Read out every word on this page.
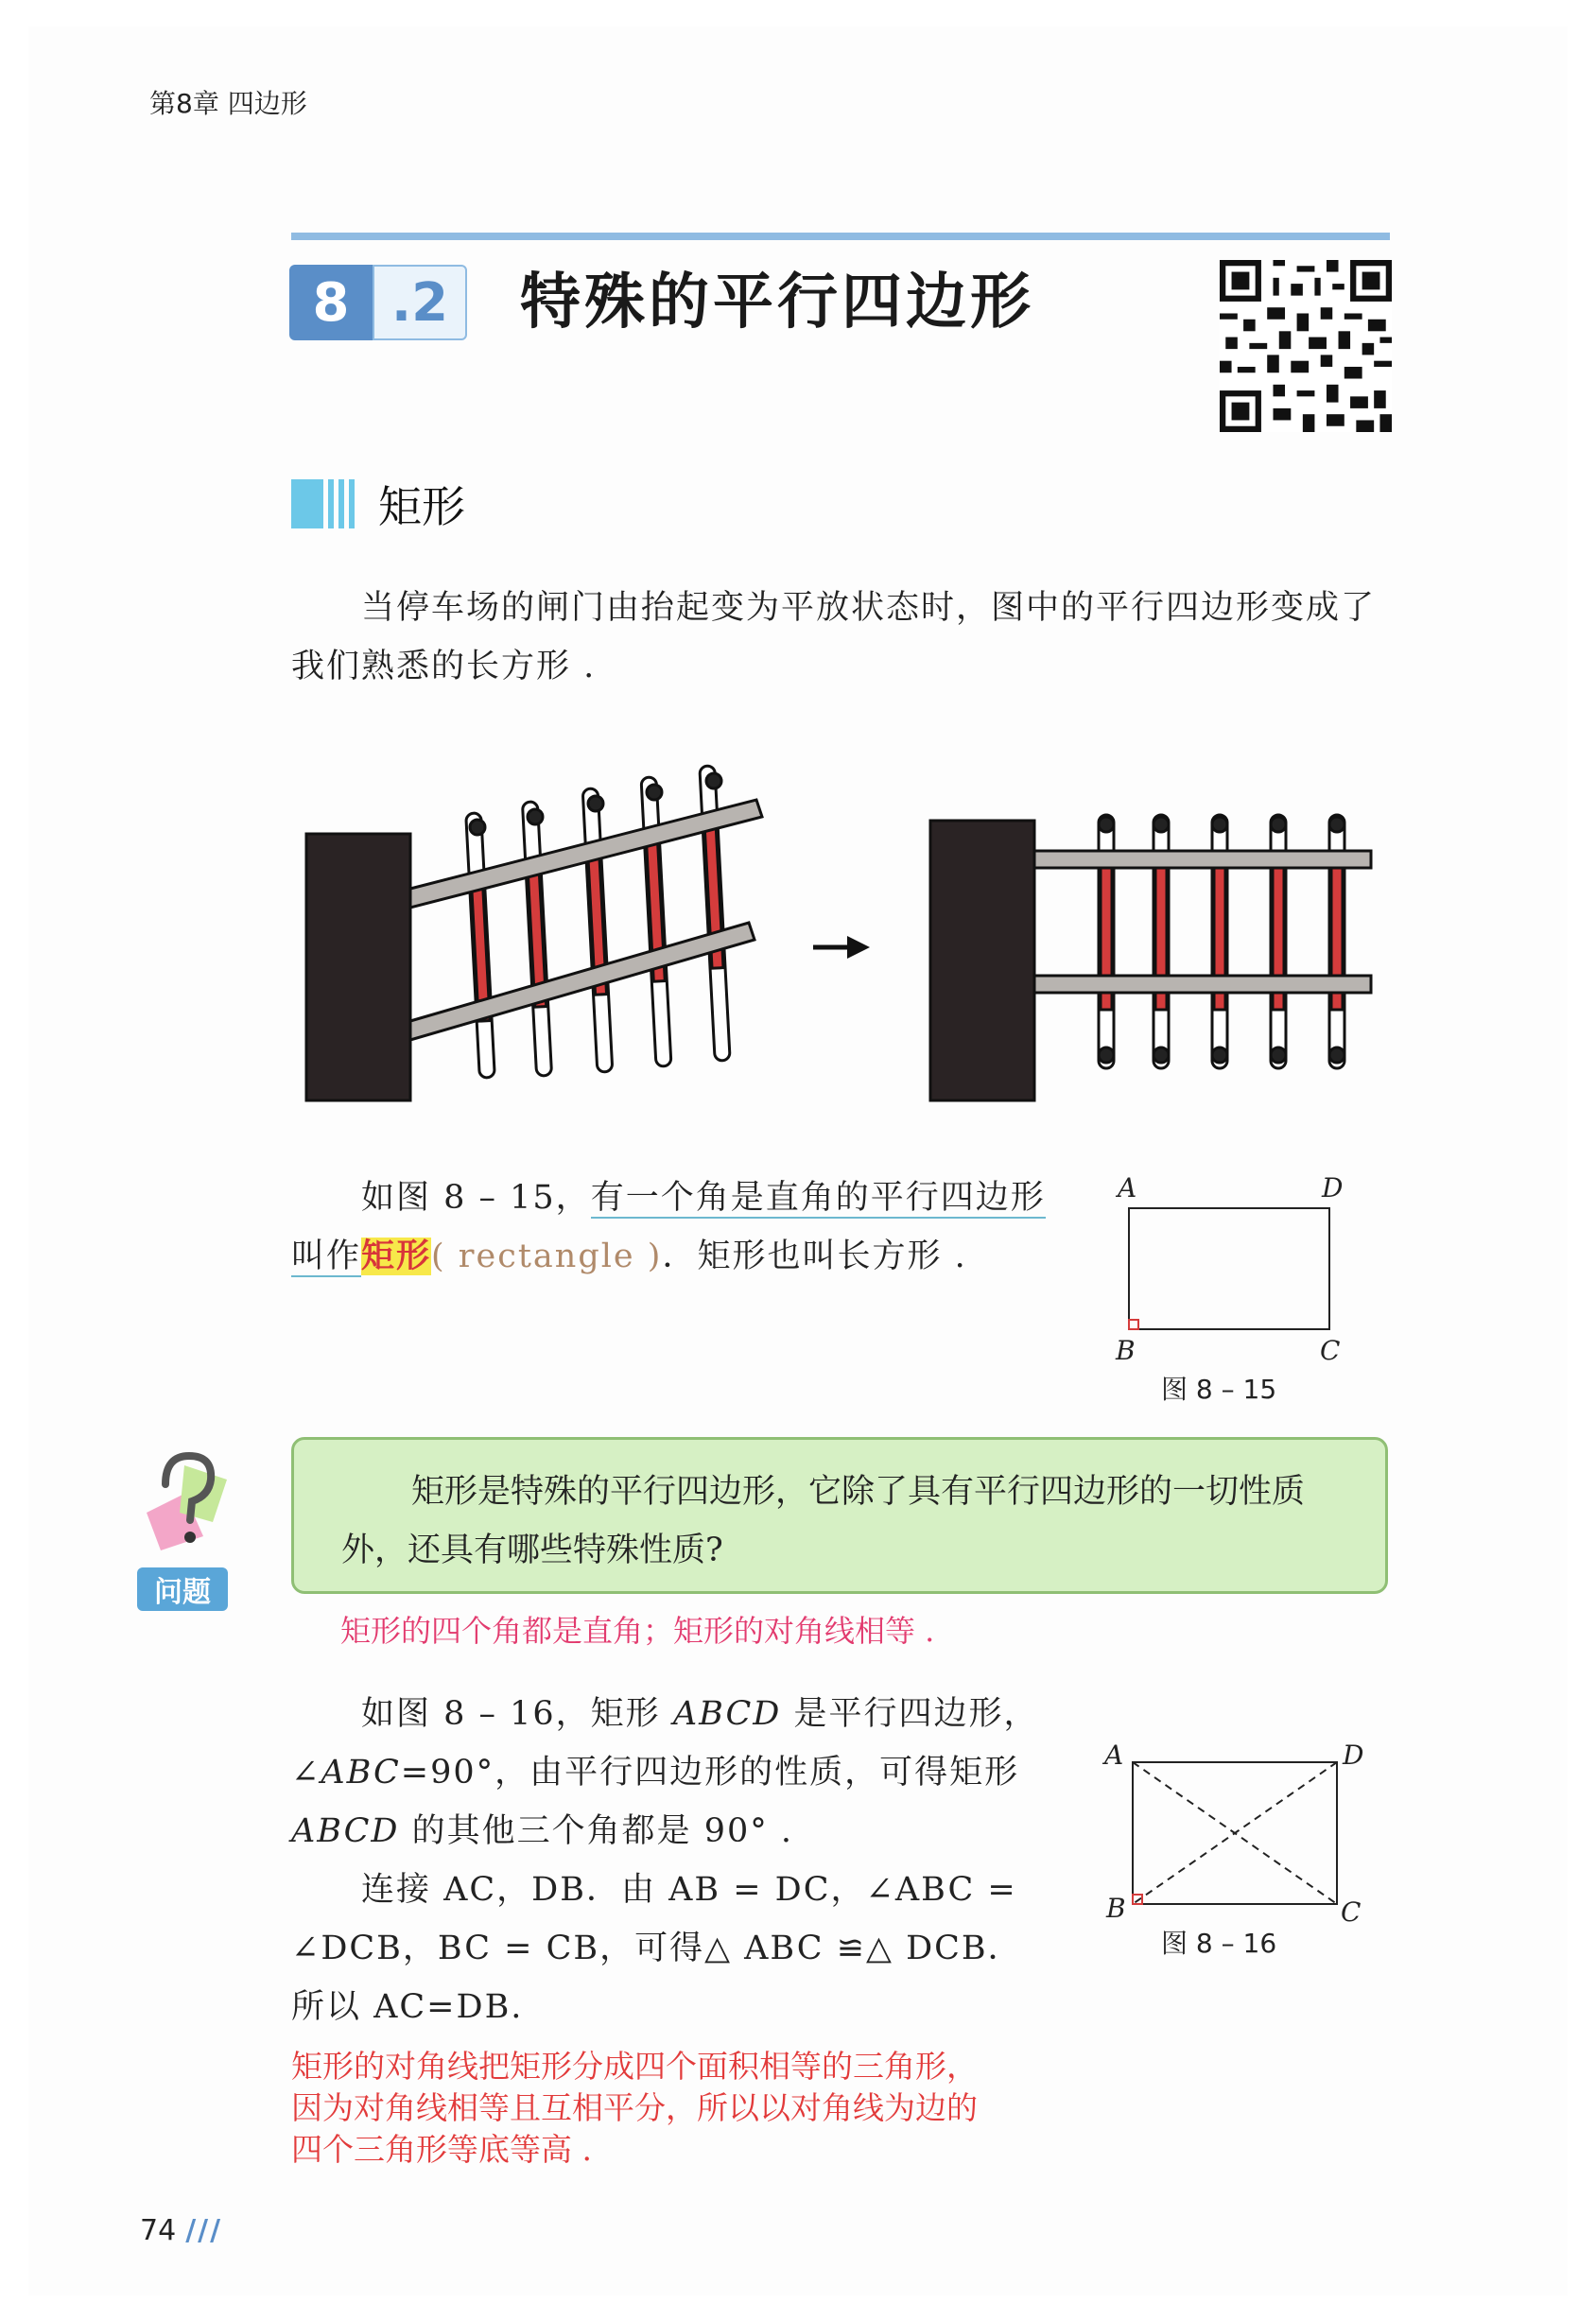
第8章 四边形
8 .2	特殊的平行四边形
矩形
当停车场的闸门由抬起变为平放状态时，图中的平行四边形变成了我们熟悉的长方形 .
如图 8 – 15，有一个角是直角的平行四边形叫作矩形( rectangle )．矩形也叫长方形 .
A	D
B	C
图 8 – 15
问题
矩形是特殊的平行四边形，它除了具有平行四边形的一切性质外，还具有哪些特殊性质?
矩形的四个角都是直角；矩形的对角线相等 .
如图 8 – 16，矩形 ABCD 是平行四边形，∠ABC=90°，由平行四边形的性质，可得矩形 ABCD 的其他三个角都是 90° .
连接 AC，DB．由 AB = DC，∠ABC = ∠DCB，BC = CB，可得△ ABC ≌△ DCB．所以 AC=DB.
A	D
B	C
图 8 – 16
矩形的对角线把矩形分成四个面积相等的三角形，
因为对角线相等且互相平分，所以以对角线为边的
四个三角形等底等高 .
74 ///
